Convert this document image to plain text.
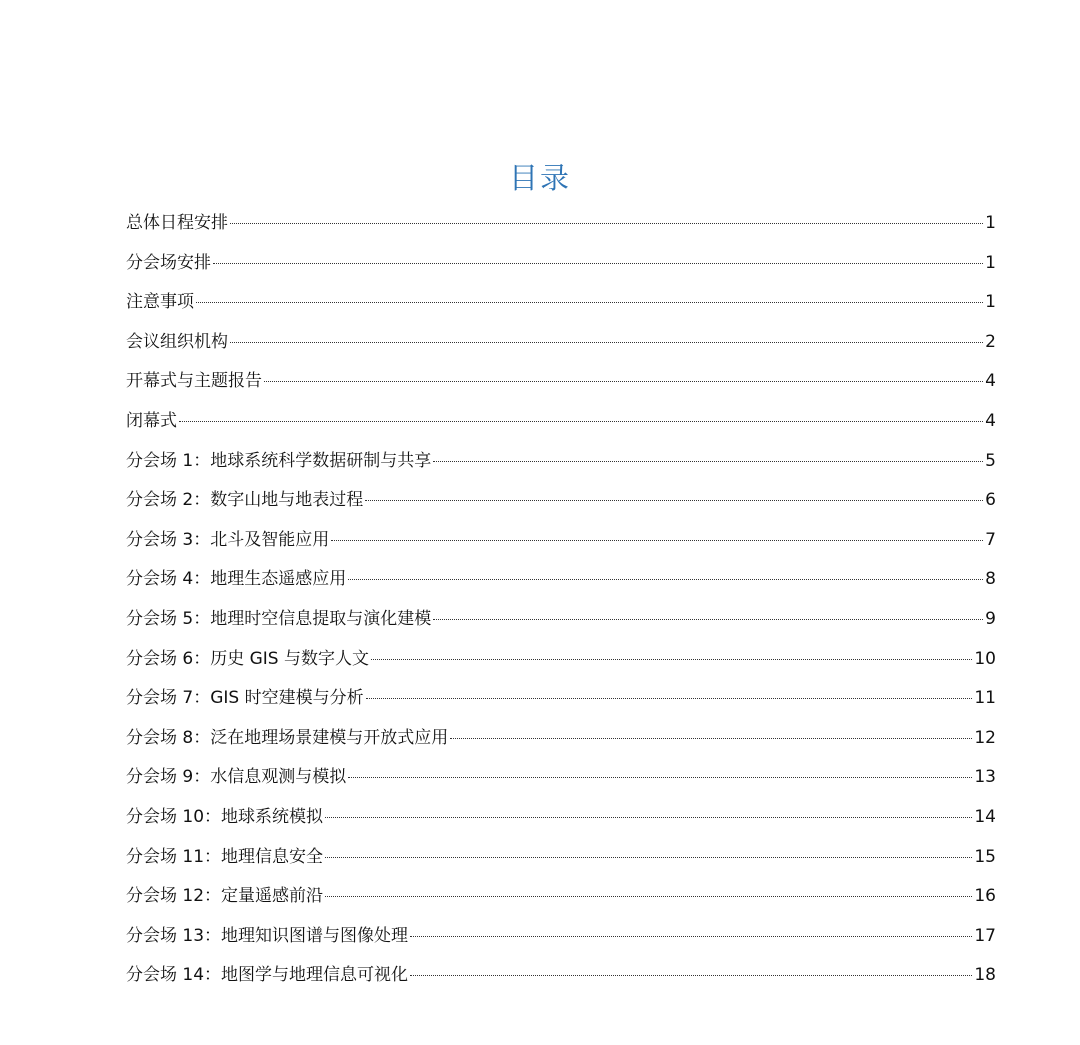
目录
总体日程安排	1
分会场安排	1
注意事项	1
会议组织机构	2
开幕式与主题报告	4
闭幕式	4
分会场 1：地球系统科学数据研制与共享	5
分会场 2：数字山地与地表过程	6
分会场 3：北斗及智能应用	7
分会场 4：地理生态遥感应用	8
分会场 5：地理时空信息提取与演化建模	9
分会场 6：历史 GIS 与数字人文	10
分会场 7：GIS 时空建模与分析	11
分会场 8：泛在地理场景建模与开放式应用	12
分会场 9：水信息观测与模拟	13
分会场 10：地球系统模拟	14
分会场 11：地理信息安全	15
分会场 12：定量遥感前沿	16
分会场 13：地理知识图谱与图像处理	17
分会场 14：地图学与地理信息可视化	18
